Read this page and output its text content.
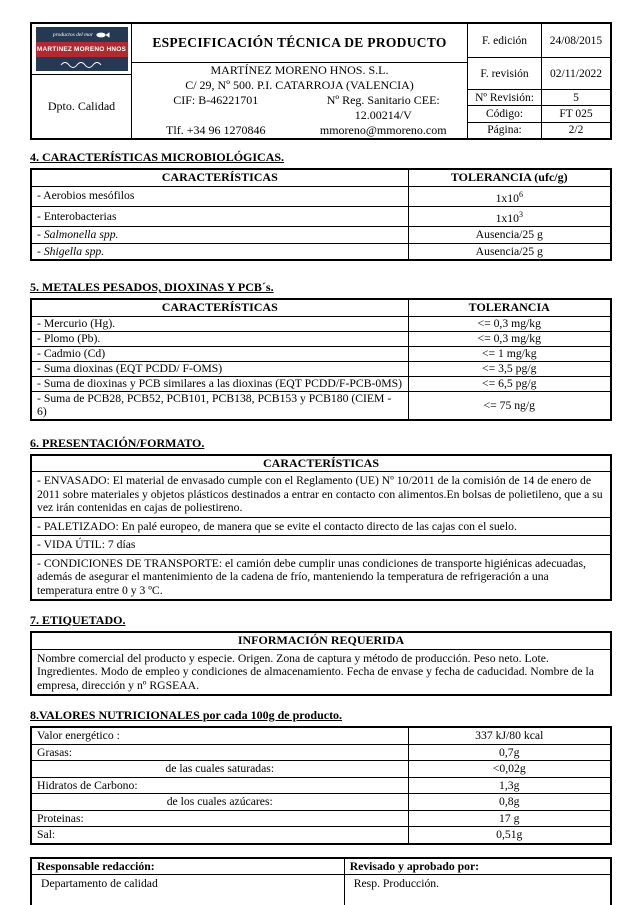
productos del mar
MARTINEZ MORENO HNOS
Dpto. Calidad
ESPECIFICACIÓN TÉCNICA DE PRODUCTO
MARTÍNEZ MORENO HNOS. S.L.
C/ 29, Nº 500. P.I. CATARROJA (VALENCIA)
CIF: B-46221701	Nº Reg. Sanitario CEE: 12.00214/V
Tlf. +34 96 1270846	mmoreno@mmoreno.com
F. edición	24/08/2015
F. revisión	02/11/2022
Nº Revisión:	5
Código:	FT 025
Página:	2/2
4. CARACTERÍSTICAS MICROBIOLÓGICAS.
CARACTERÍSTICAS	TOLERANCIA (ufc/g)
- Aerobios mesófilos	$1x10^6$
- Enterobacterias	$1x10^3$
- Salmonella spp.	Ausencia/25 g
- Shigella spp.	Ausencia/25 g
5. METALES PESADOS, DIOXINAS Y PCB´s.
CARACTERÍSTICAS	TOLERANCIA
- Mercurio (Hg).	<= 0,3 mg/kg
- Plomo (Pb).	<= 0,3 mg/kg
- Cadmio (Cd)	<= 1 mg/kg
- Suma dioxinas (EQT PCDD/ F-OMS)	<= 3,5 pg/g
- Suma de dioxinas y PCB similares a las dioxinas (EQT PCDD/F-PCB-0MS)	<= 6,5 pg/g
- Suma de PCB28, PCB52, PCB101, PCB138, PCB153 y PCB180 (CIEM - 6)	<= 75 ng/g
6. PRESENTACIÓN/FORMATO.
CARACTERÍSTICAS
- ENVASADO: El material de envasado cumple con el Reglamento (UE) Nº 10/2011 de la comisión de 14 de enero de 2011 sobre materiales y objetos plásticos destinados a entrar en contacto con alimentos.En bolsas de polietileno, que a su vez irán contenidas en cajas de poliestireno.
- PALETIZADO: En palé europeo, de manera que se evite el contacto directo de las cajas con el suelo.
- VIDA ÚTIL: 7 días
- CONDICIONES DE TRANSPORTE: el camión debe cumplir unas condiciones de transporte higiénicas adecuadas, además de asegurar el mantenimiento de la cadena de frío, manteniendo la temperatura de refrigeración a una temperatura entre 0 y 3 ºC.
7. ETIQUETADO.
INFORMACIÓN REQUERIDA
Nombre comercial del producto y especie. Origen. Zona de captura y método de producción. Peso neto. Lote. Ingredientes. Modo de empleo y condiciones de almacenamiento. Fecha de envase y fecha de caducidad. Nombre de la empresa, dirección y nº RGSEAA.
8.VALORES NUTRICIONALES por cada 100g de producto.
Valor energético :	337 kJ/80 kcal
Grasas:	0,7g
de las cuales saturadas:	<0,02g
Hidratos de Carbono:	1,3g
de los cuales azúcares:	0,8g
Proteinas:	17 g
Sal:	0,51g
Responsable redacción:	Revisado y aprobado por:
Departamento de calidad	Resp. Producción.
